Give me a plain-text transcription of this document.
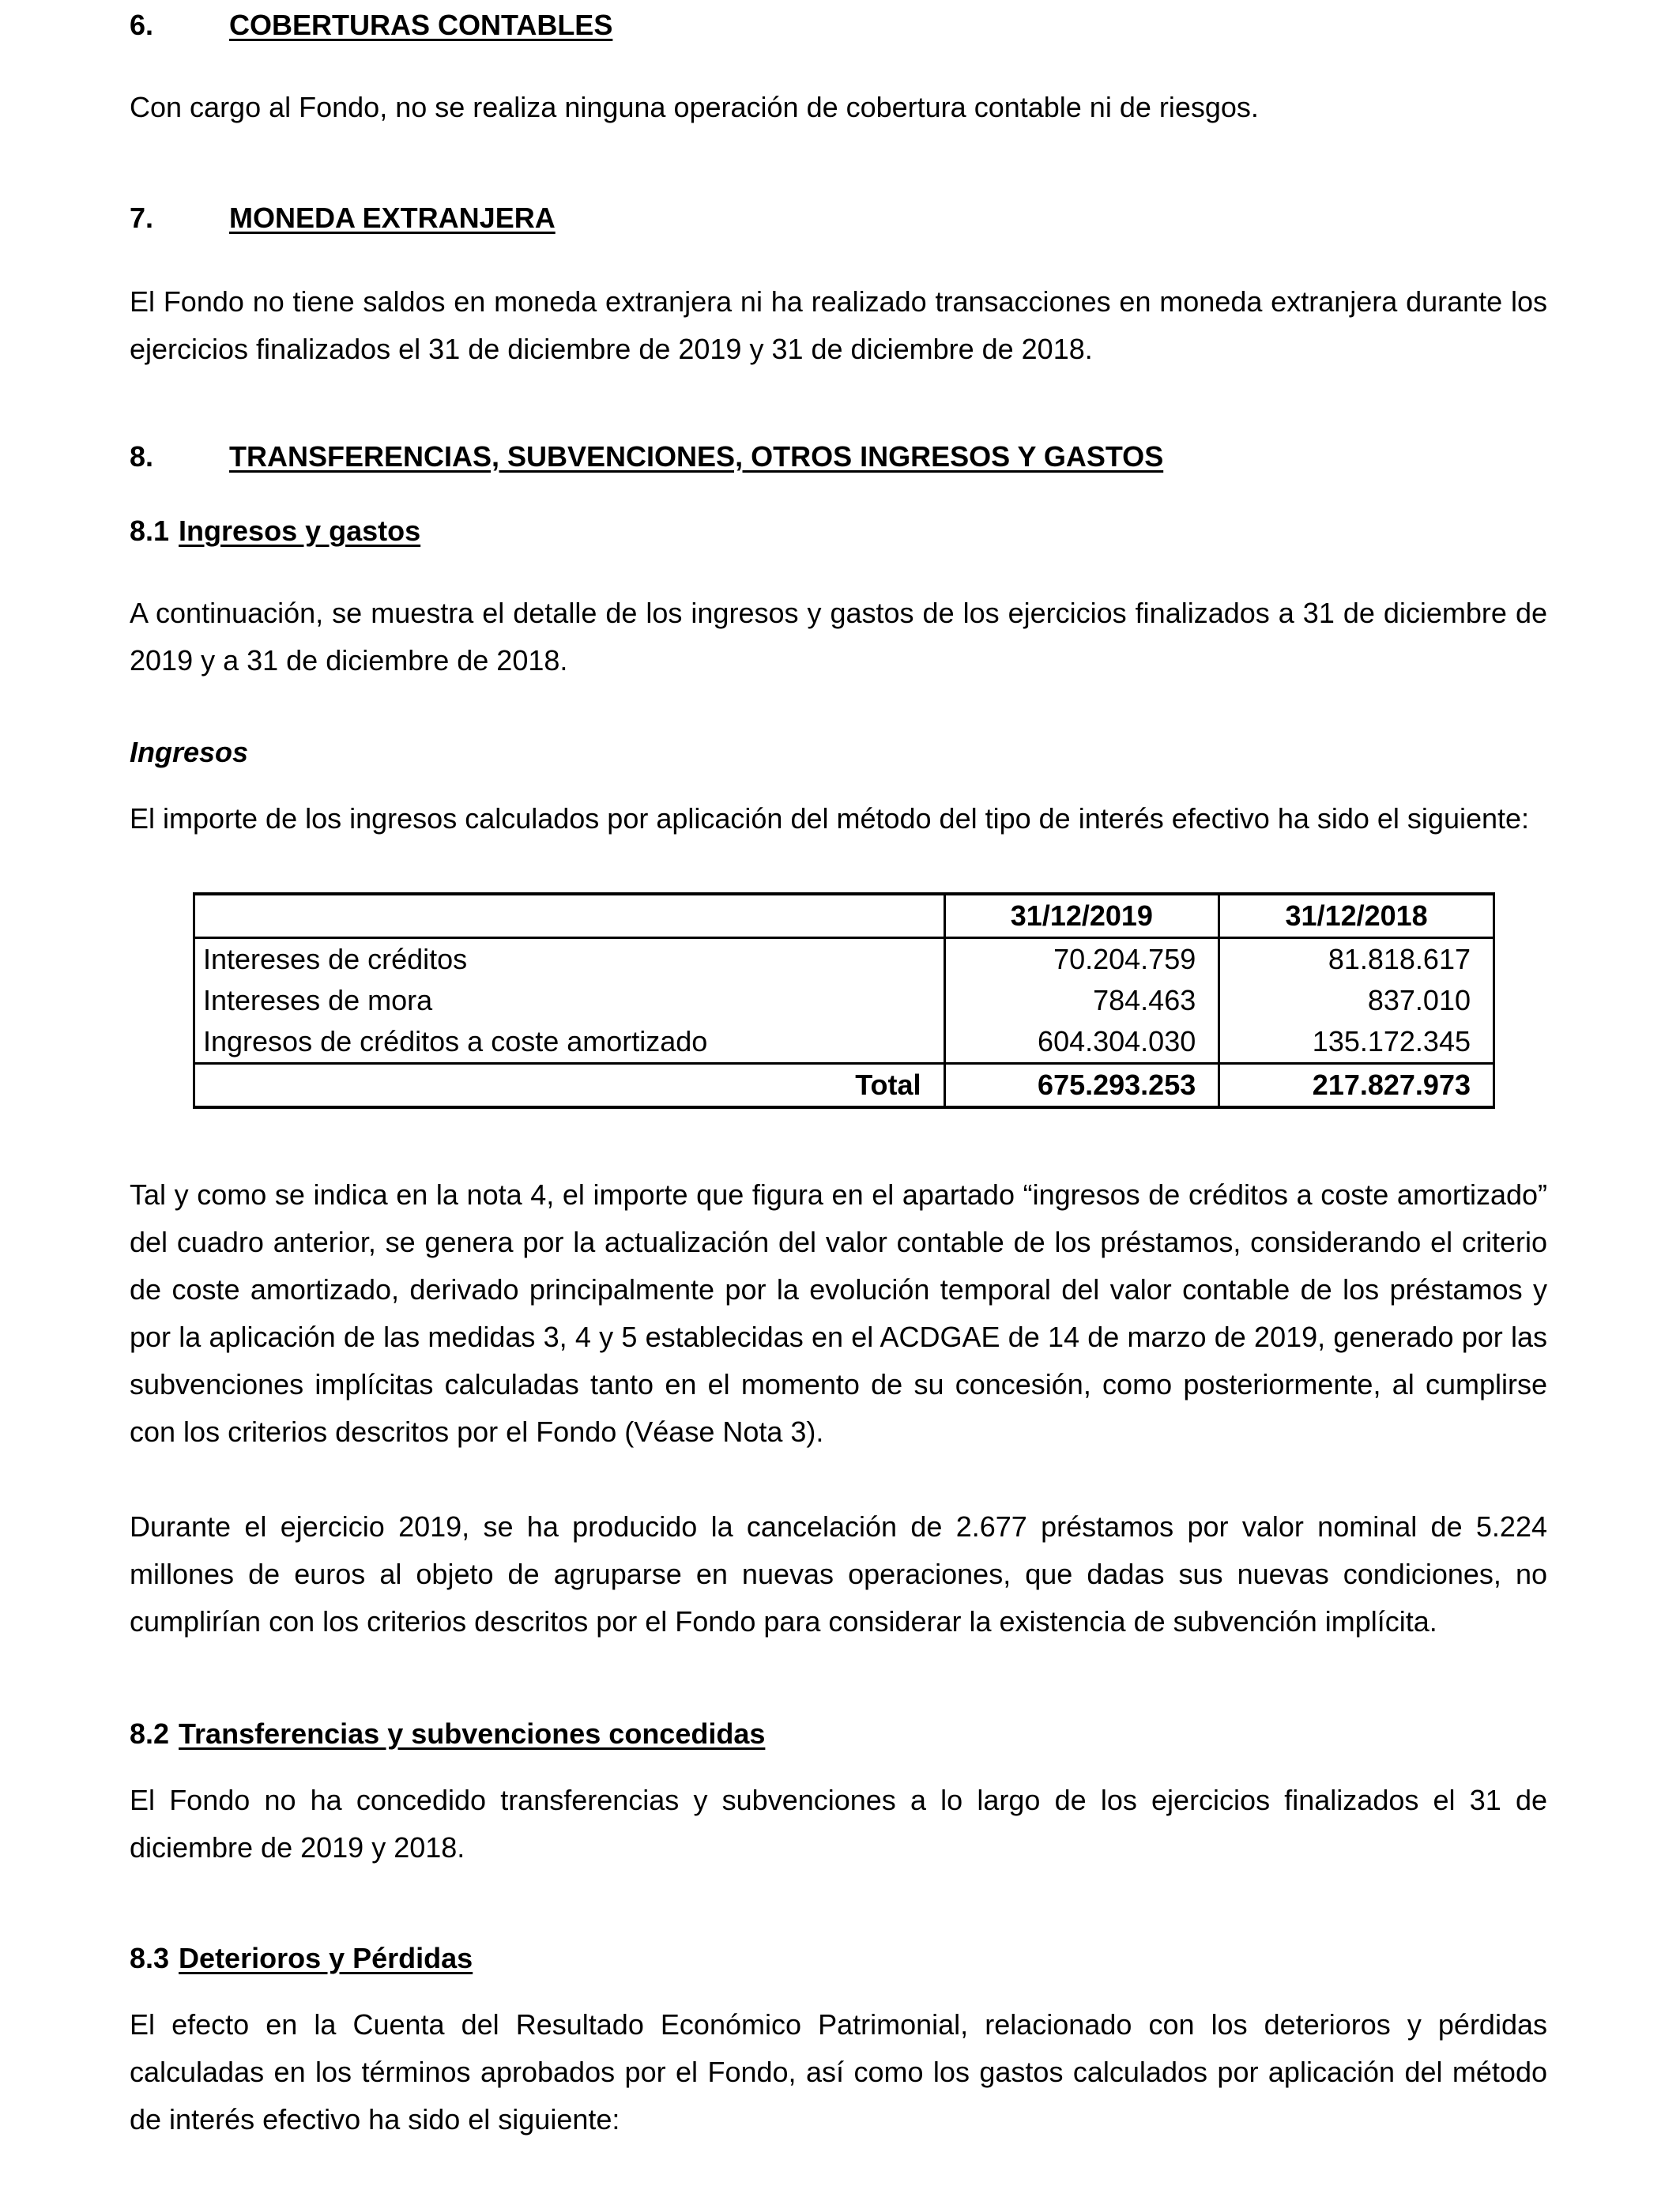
6.	COBERTURAS CONTABLES

Con cargo al Fondo, no se realiza ninguna operación de cobertura contable ni de riesgos.

7.	MONEDA EXTRANJERA

El Fondo no tiene saldos en moneda extranjera ni ha realizado transacciones en moneda extranjera durante los ejercicios finalizados el 31 de diciembre de 2019 y 31 de diciembre de 2018.

8.	TRANSFERENCIAS, SUBVENCIONES, OTROS INGRESOS Y GASTOS
8.1 Ingresos y gastos

A continuación, se muestra el detalle de los ingresos y gastos de los ejercicios finalizados a 31 de diciembre de 2019 y a 31 de diciembre de 2018.

Ingresos

El importe de los ingresos calculados por aplicación del método del tipo de interés efectivo ha sido el siguiente:

	31/12/2019	31/12/2018
Intereses de créditos	70.204.759	81.818.617
Intereses de mora	784.463	837.010
Ingresos de créditos a coste amortizado	604.304.030	135.172.345
Total	675.293.253	217.827.973

Tal y como se indica en la nota 4, el importe que figura en el apartado “ingresos de créditos a coste amortizado” del cuadro anterior, se genera por la actualización del valor contable de los préstamos, considerando el criterio de coste amortizado, derivado principalmente por la evolución temporal del valor contable de los préstamos y por la aplicación de las medidas 3, 4 y 5 establecidas en el ACDGAE de 14 de marzo de 2019, generado por las subvenciones implícitas calculadas tanto en el momento de su concesión, como posteriormente, al cumplirse con los criterios descritos por el Fondo (Véase Nota 3).

Durante el ejercicio 2019, se ha producido la cancelación de 2.677 préstamos por valor nominal de 5.224 millones de euros al objeto de agruparse en nuevas operaciones, que dadas sus nuevas condiciones, no cumplirían con los criterios descritos por el Fondo para considerar la existencia de subvención implícita.

8.2 Transferencias y subvenciones concedidas

El Fondo no ha concedido transferencias y subvenciones a lo largo de los ejercicios finalizados el 31 de diciembre de 2019 y 2018.

8.3 Deterioros y Pérdidas

El efecto en la Cuenta del Resultado Económico Patrimonial, relacionado con los deterioros y pérdidas calculadas en los términos aprobados por el Fondo, así como los gastos calculados por aplicación del método de interés efectivo ha sido el siguiente:
